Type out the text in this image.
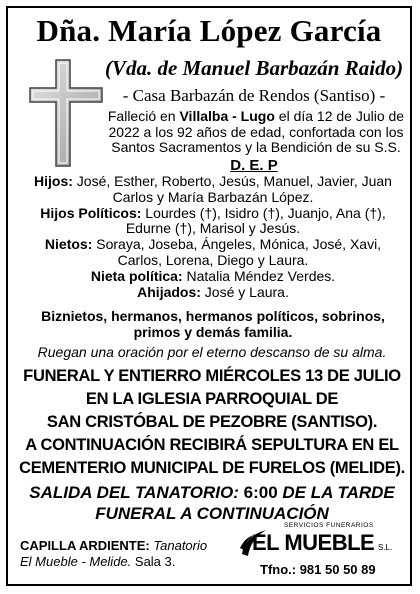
Dña. María López García
(Vda. de Manuel Barbazán Raido)
- Casa Barbazán de Rendos (Santiso) -
Falleció en Villalba - Lugo el día 12 de Julio de 2022 a los 92 años de edad, confortada con los Santos Sacramentos y la Bendición de su S.S.
D. E. P
Hijos: José, Esther, Roberto, Jesús, Manuel, Javier, Juan Carlos y María Barbazán López.
Hijos Políticos: Lourdes (†), Isidro (†), Juanjo, Ana (†), Edurne (†), Marisol y Jesús.
Nietos: Soraya, Joseba, Ángeles, Mónica, José, Xavi, Carlos, Lorena, Diego y Laura.
Nieta política: Natalia Méndez Verdes.
Ahijados: José y Laura.
Biznietos, hermanos, hermanos políticos, sobrinos, primos y demás familia.
Ruegan una oración por el eterno descanso de su alma.
FUNERAL Y ENTIERRO MIÉRCOLES 13 DE JULIO
EN LA IGLESIA PARROQUIAL DE
SAN CRISTÓBAL DE PEZOBRE (SANTISO).
A CONTINUACIÓN RECIBIRÁ SEPULTURA EN EL
CEMENTERIO MUNICIPAL DE FURELOS (MELIDE).
SALIDA DEL TANATORIO: 6:00 DE LA TARDE
FUNERAL A CONTINUACIÓN
CAPILLA ARDIENTE: Tanatorio
El Mueble - Melide. Sala 3.
SERVICIOS FUNERARIOS
EL MUEBLE S.L.
Tfno.: 981 50 50 89
